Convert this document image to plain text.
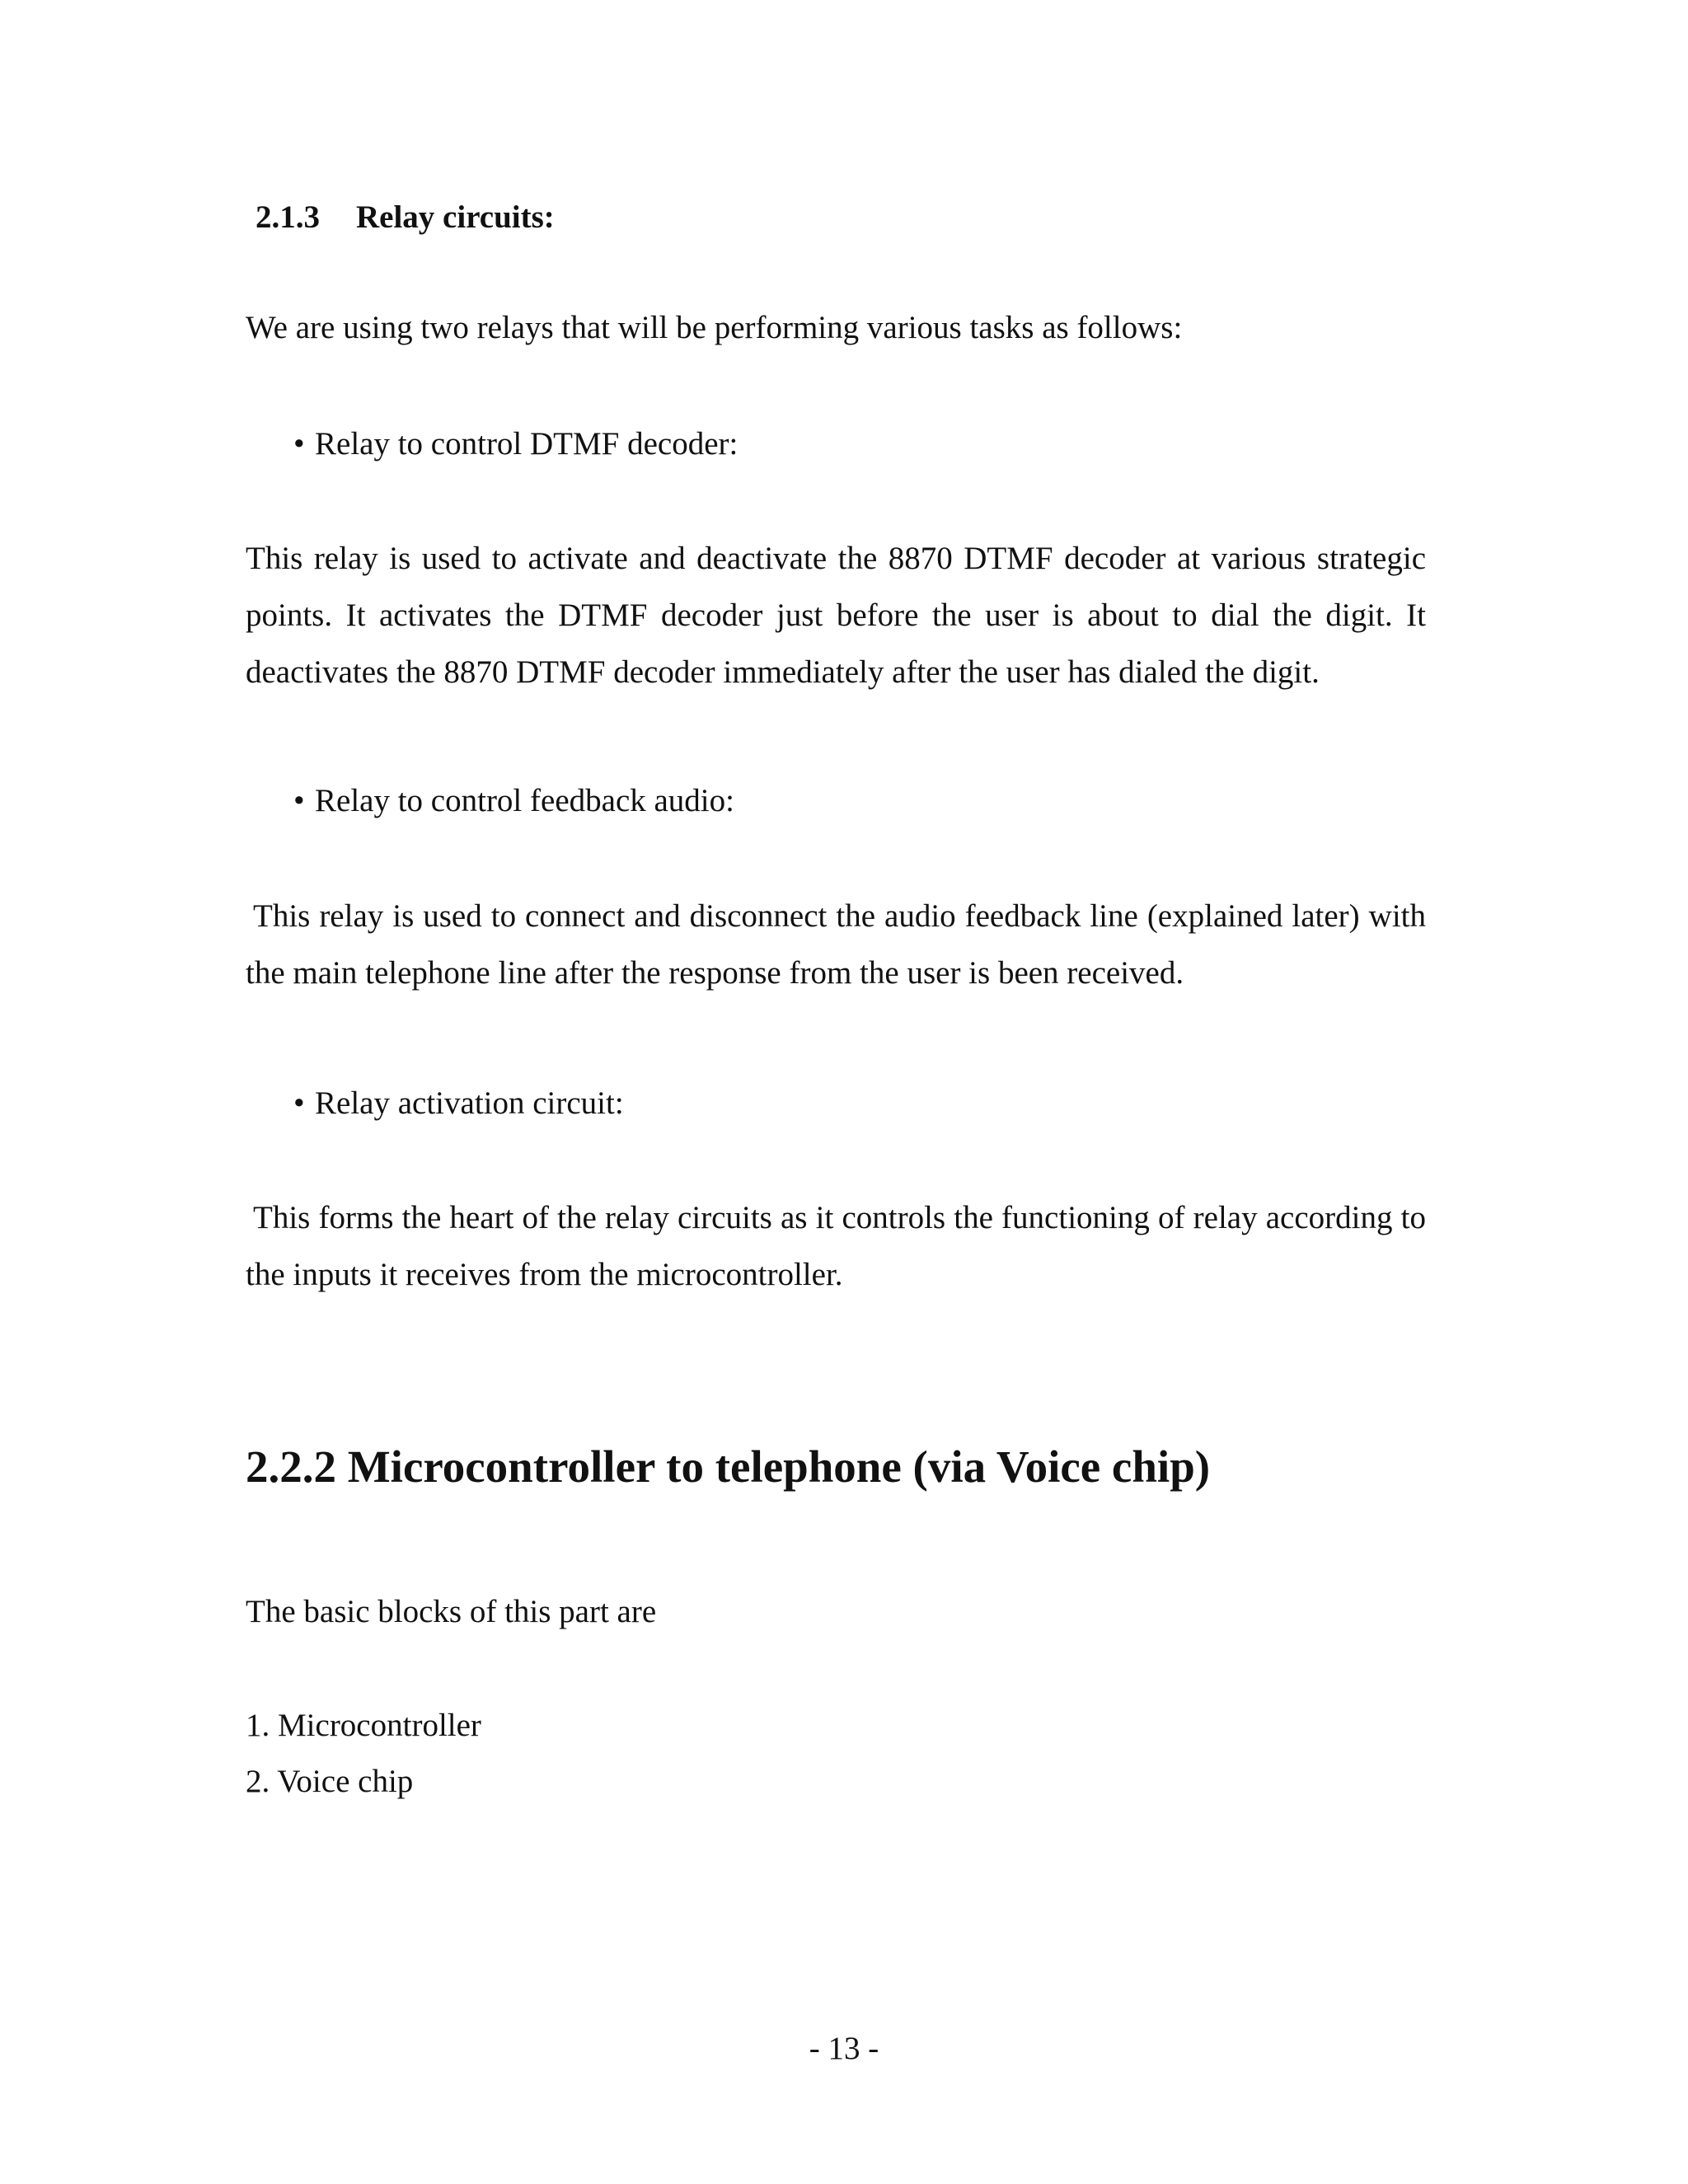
2.1.3 Relay circuits:

We are using two relays that will be performing various tasks as follows:

• Relay to control DTMF decoder:

This relay is used to activate and deactivate the 8870 DTMF decoder at various strategic points. It activates the DTMF decoder just before the user is about to dial the digit. It deactivates the 8870 DTMF decoder immediately after the user has dialed the digit.

• Relay to control feedback audio:

This relay is used to connect and disconnect the audio feedback line (explained later) with the main telephone line after the response from the user is been received.

• Relay activation circuit:

This forms the heart of the relay circuits as it controls the functioning of relay according to the inputs it receives from the microcontroller.

2.2.2 Microcontroller to telephone (via Voice chip)

The basic blocks of this part are

1. Microcontroller

2. Voice chip

- 13 -
